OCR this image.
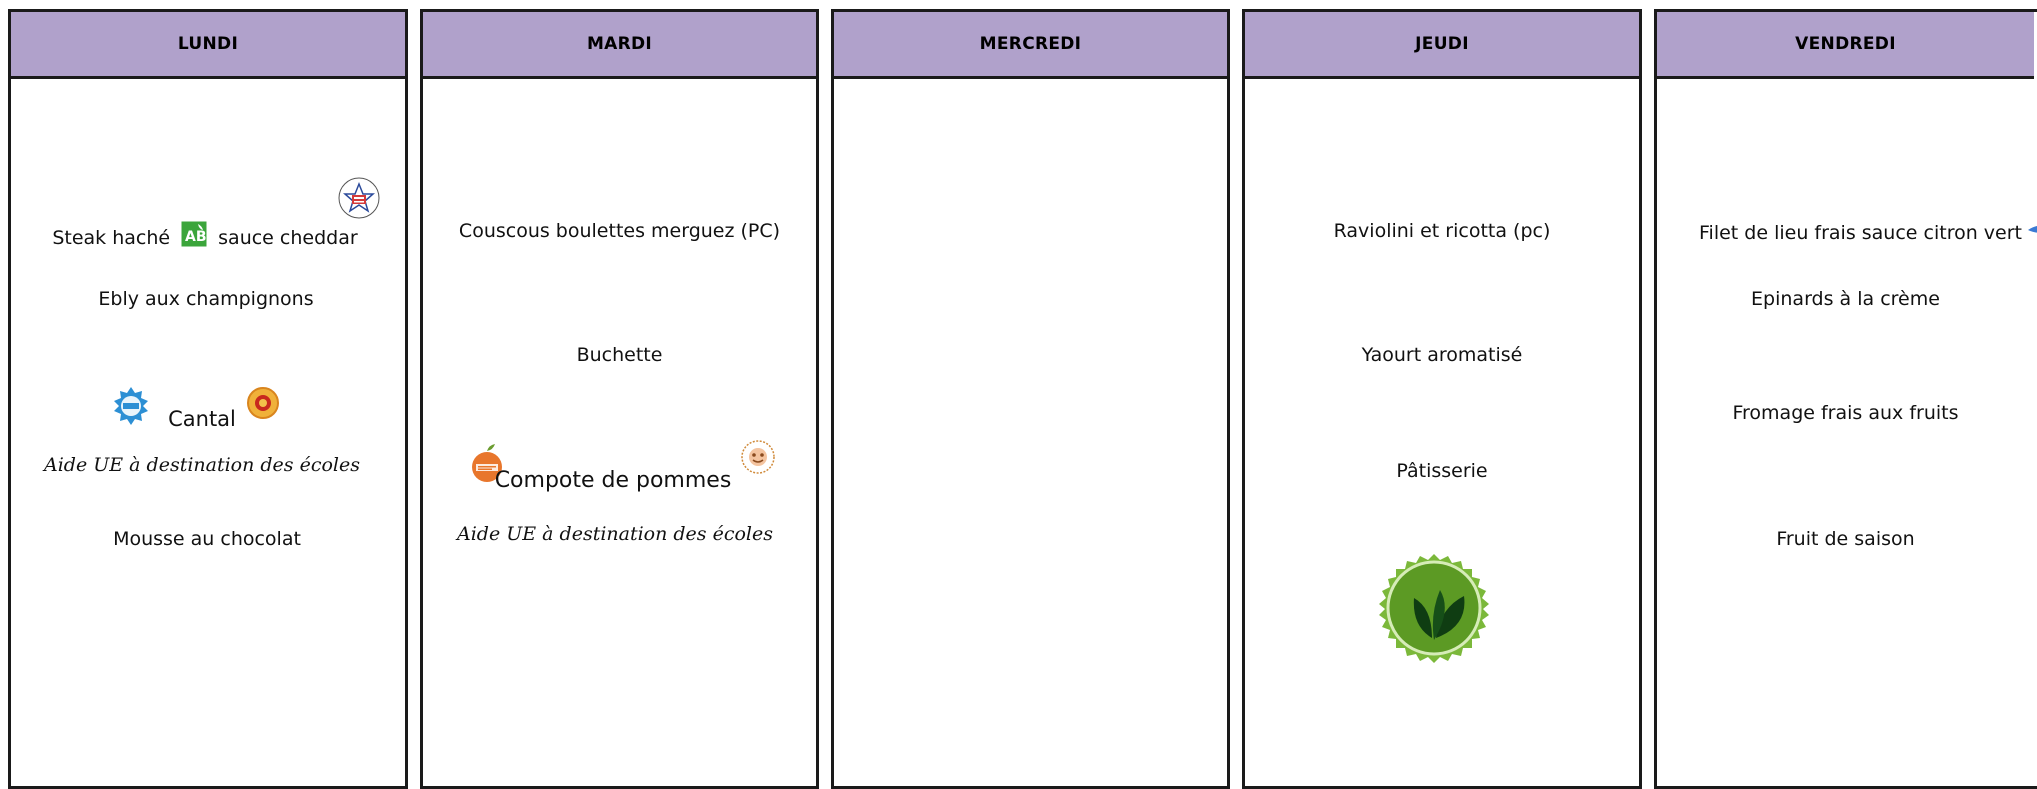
LUNDI
Steak haché AB sauce cheddar
Ebly aux champignons
Cantal
Aide UE à destination des écoles
Mousse au chocolat
MARDI
Couscous boulettes merguez (PC)
Buchette
Compote de pommes
Aide UE à destination des écoles
MERCREDI	JEUDI
Raviolini et ricotta (pc)
Yaourt aromatisé
Pâtisserie
VENDREDI
Filet de lieu frais sauce citron vert
Epinards à la crème
Fromage frais aux fruits
Fruit de saison
